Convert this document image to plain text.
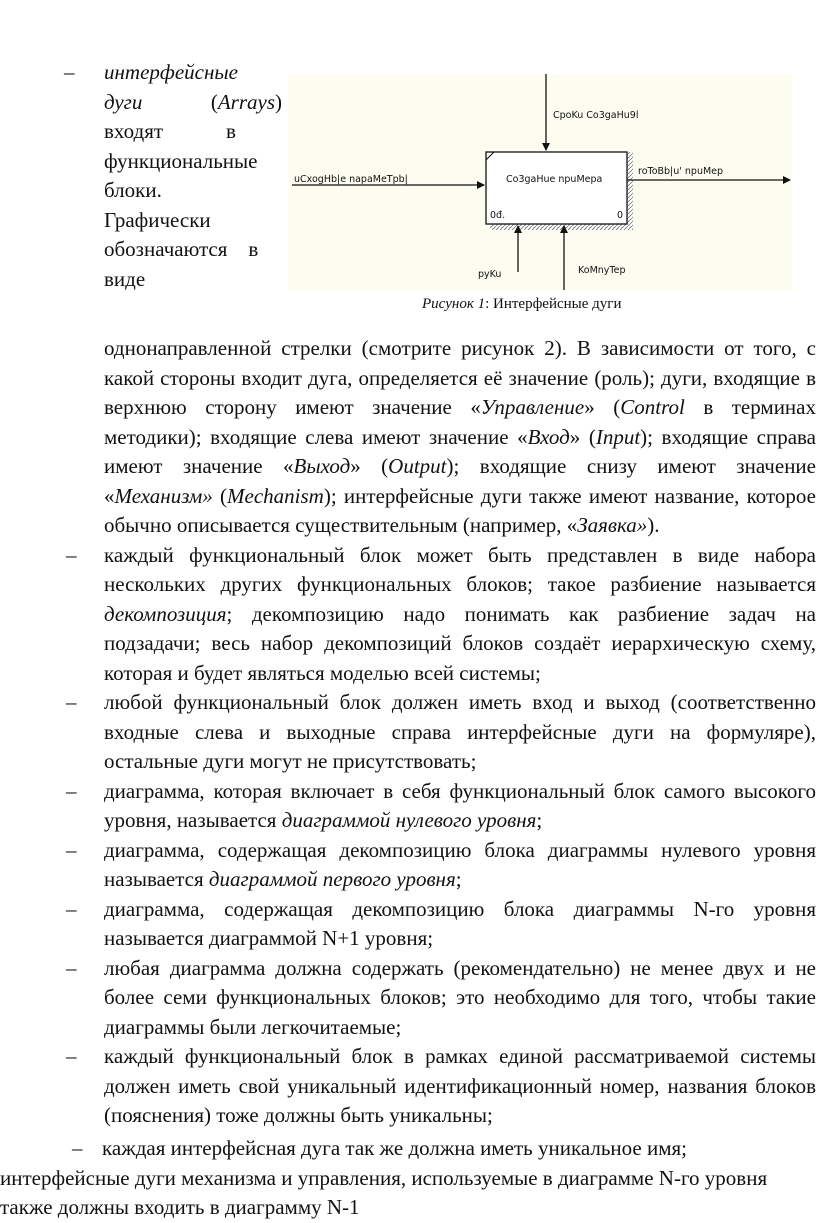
– интерфейсные
дуги      (Arrays)
входят            в
функциональные
блоки.
Графически
обозначаются    в
виде
СpoKu Co3gaHu9l
Co3gaHue npuMepa
0đ.	0
uCxogHb|e napaMeTpb|
roToBb|u' npuMep
pyKu	KoMnyTep
Рисунок 1: Интерфейсные дуги

однонаправленной стрелки (смотрите рисунок 2). В зависимости от того, с какой стороны входит дуга, определяется её значение (роль); дуги, входящие в верхнюю сторону имеют значение «Управление» (Control в терминах методики); входящие слева имеют значение «Вход» (Input); входящие справа имеют значение «Выход» (Output); входящие снизу имеют значение «Механизм» (Mechanism); интерфейсные дуги также имеют название, которое обычно описывается существительным (например, «Заявка»).

– каждый функциональный блок может быть представлен в виде набора нескольких других функциональных блоков; такое разбиение называется декомпозиция; декомпозицию надо понимать как разбиение задач на подзадачи; весь набор декомпозиций блоков создаёт иерархическую схему, которая и будет являться моделью всей системы;

– любой функциональный блок должен иметь вход и выход (соответственно входные слева и выходные справа интерфейсные дуги на формуляре), остальные дуги могут не присутствовать;

– диаграмма, которая включает в себя функциональный блок самого высокого уровня, называется диаграммой нулевого уровня;

– диаграмма, содержащая декомпозицию блока диаграммы нулевого уровня называется диаграммой первого уровня;

– диаграмма, содержащая декомпозицию блока диаграммы N-го уровня называется диаграммой N+1 уровня;

– любая диаграмма должна содержать (рекомендательно) не менее двух и не более семи функциональных блоков; это необходимо для того, чтобы такие диаграммы были легкочитаемые;

– каждый функциональный блок в рамках единой рассматриваемой системы должен иметь свой уникальный идентификационный номер, названия блоков (пояснения) тоже должны быть уникальны;

– каждая интерфейсная дуга так же должна иметь уникальное имя;

интерфейсные дуги механизма и управления, используемые в диаграмме N-го уровня также должны входить в диаграмму N-1
